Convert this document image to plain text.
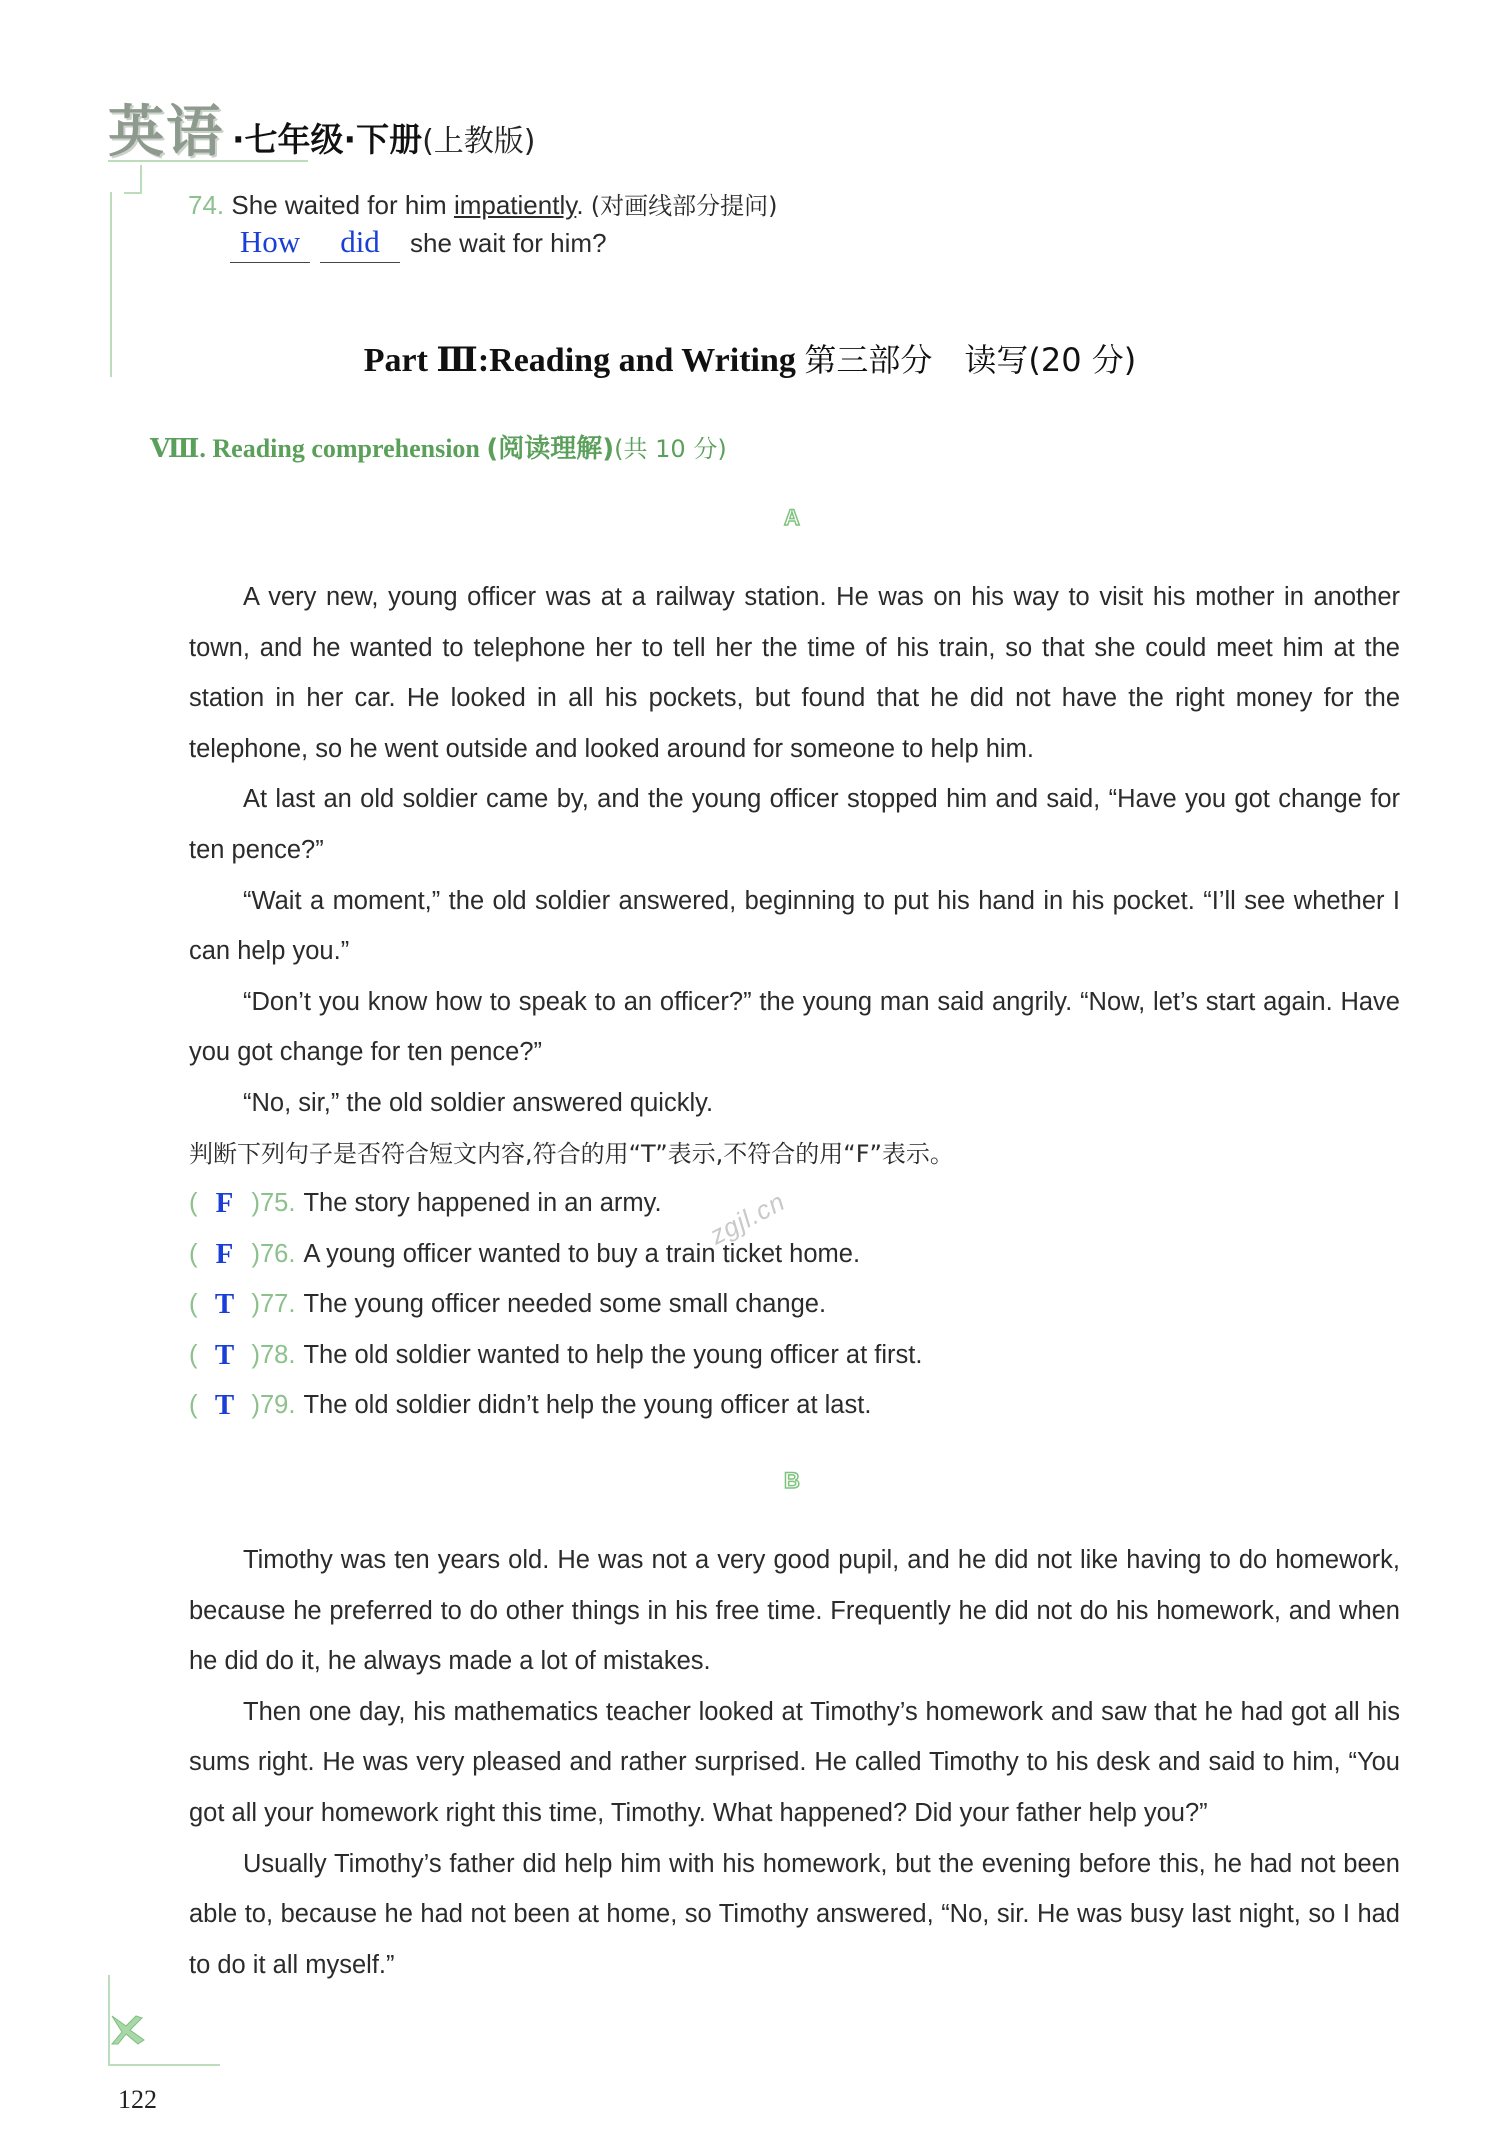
英语 ·七年级·下册 (上教版)
74. She waited for him impatiently. (对画线部分提问)
How	did	she wait for him?
Part Ⅲ:Reading and Writing 第三部分　读写(20 分)
Ⅷ. Reading comprehension (阅读理解)(共 10 分)
A

A very new, young officer was at a railway station. He was on his way to visit his mother in another town, and he wanted to telephone her to tell her the time of his train, so that she could meet him at the station in her car. He looked in all his pockets, but found that he did not have the right money for the telephone, so he went outside and looked around for someone to help him.

At last an old soldier came by, and the young officer stopped him and said, “Have you got change for ten pence?”

“Wait a moment,” the old soldier answered, beginning to put his hand in his pocket. “I’ll see whether I can help you.”

“Don’t you know how to speak to an officer?” the young man said angrily. “Now, let’s start again. Have you got change for ten pence?”

“No, sir,” the old soldier answered quickly.

判断下列句子是否符合短文内容,符合的用“T”表示,不符合的用“F”表示。

( F ) 75. The story happened in an army.
( F ) 76. A young officer wanted to buy a train ticket home.
( T ) 77. The young officer needed some small change.
( T ) 78. The old soldier wanted to help the young officer at first.
( T ) 79. The old soldier didn’t help the young officer at last.
zgjl.cn
B

Timothy was ten years old. He was not a very good pupil, and he did not like having to do homework, because he preferred to do other things in his free time. Frequently he did not do his homework, and when he did do it, he always made a lot of mistakes.

Then one day, his mathematics teacher looked at Timothy’s homework and saw that he had got all his sums right. He was very pleased and rather surprised. He called Timothy to his desk and said to him, “You got all your homework right this time, Timothy. What happened? Did your father help you?”

Usually Timothy’s father did help him with his homework, but the evening before this, he had not been able to, because he had not been at home, so Timothy answered, “No, sir. He was busy last night, so I had to do it all myself.”

122
